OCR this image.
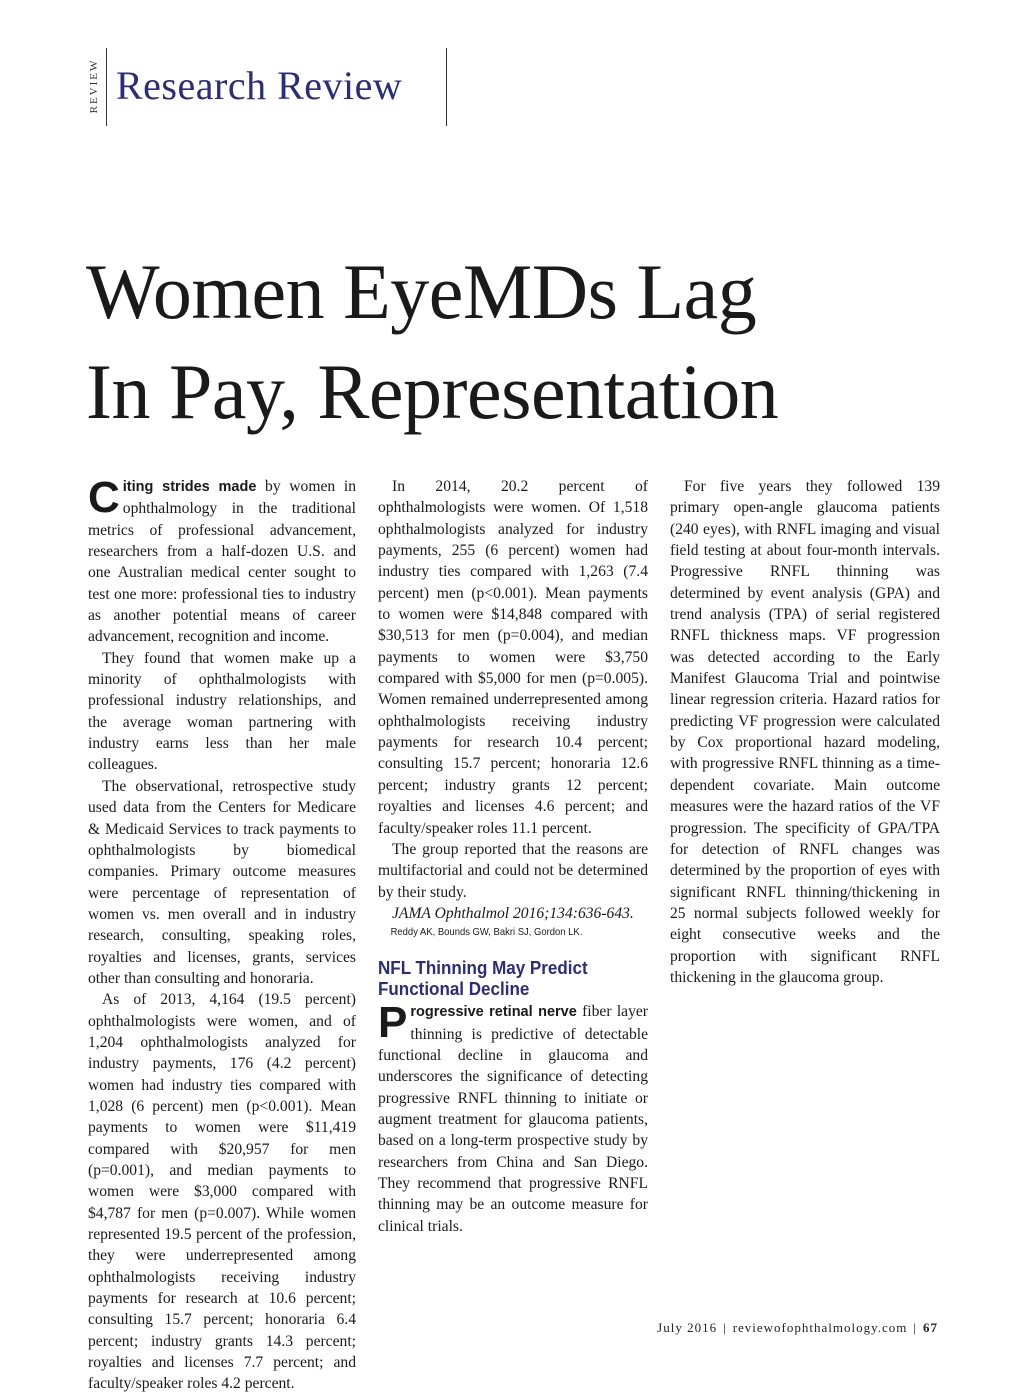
REVIEW Research Review
Women EyeMDs Lag
In Pay, Representation

Citing strides made by women in ophthalmology in the traditional metrics of professional advancement, researchers from a half-dozen U.S. and one Australian medical center sought to test one more: professional ties to industry as another potential means of career advancement, recognition and income.

They found that women make up a minority of ophthalmologists with professional industry relationships, and the average woman partnering with industry earns less than her male colleagues.

The observational, retrospective study used data from the Centers for Medicare & Medicaid Services to track payments to ophthalmologists by biomedical companies. Primary outcome measures were percentage of representation of women vs. men overall and in industry research, consulting, speaking roles, royalties and licenses, grants, services other than consulting and honoraria.

As of 2013, 4,164 (19.5 percent) ophthalmologists were women, and of 1,204 ophthalmologists analyzed for industry payments, 176 (4.2 percent) women had industry ties compared with 1,028 (6 percent) men (p<0.001). Mean payments to women were $11,419 compared with $20,957 for men (p=0.001), and median payments to women were $3,000 compared with $4,787 for men (p=0.007). While women represented 19.5 percent of the profession, they were underrepresented among ophthalmologists receiving industry payments for research at 10.6 percent; consulting 15.7 percent; honoraria 6.4 percent; industry grants 14.3 percent; royalties and licenses 7.7 percent; and faculty/speaker roles 4.2 percent.

In 2014, 20.2 percent of ophthalmologists were women. Of 1,518 ophthalmologists analyzed for industry payments, 255 (6 percent) women had industry ties compared with 1,263 (7.4 percent) men (p<0.001). Mean payments to women were $14,848 compared with $30,513 for men (p=0.004), and median payments to women were $3,750 compared with $5,000 for men (p=0.005). Women remained underrepresented among ophthalmologists receiving industry payments for research 10.4 percent; consulting 15.7 percent; honoraria 12.6 percent; industry grants 12 percent; royalties and licenses 4.6 percent; and faculty/speaker roles 11.1 percent.

The group reported that the reasons are multifactorial and could not be determined by their study.

JAMA Ophthalmol 2016;134:636-643.

Reddy AK, Bounds GW, Bakri SJ, Gordon LK.

NFL Thinning May Predict Functional Decline

Progressive retinal nerve fiber layer thinning is predictive of detectable functional decline in glaucoma and underscores the significance of detecting progressive RNFL thinning to initiate or augment treatment for glaucoma patients, based on a long-term prospective study by researchers from China and San Diego. They recommend that progressive RNFL thinning may be an outcome measure for clinical trials.

For five years they followed 139 primary open-angle glaucoma patients (240 eyes), with RNFL imaging and visual field testing at about four-month intervals. Progressive RNFL thinning was determined by event analysis (GPA) and trend analysis (TPA) of serial registered RNFL thickness maps. VF progression was detected according to the Early Manifest Glaucoma Trial and pointwise linear regression criteria. Hazard ratios for predicting VF progression were calculated by Cox proportional hazard modeling, with progressive RNFL thinning as a time-dependent covariate. Main outcome measures were the hazard ratios of the VF progression. The specificity of GPA/TPA for detection of RNFL changes was determined by the proportion of eyes with significant RNFL thinning/thickening in 25 normal subjects followed weekly for eight consecutive weeks and the proportion with significant RNFL thickening in the glaucoma group.

July 2016 | reviewofophthalmology.com | 67
